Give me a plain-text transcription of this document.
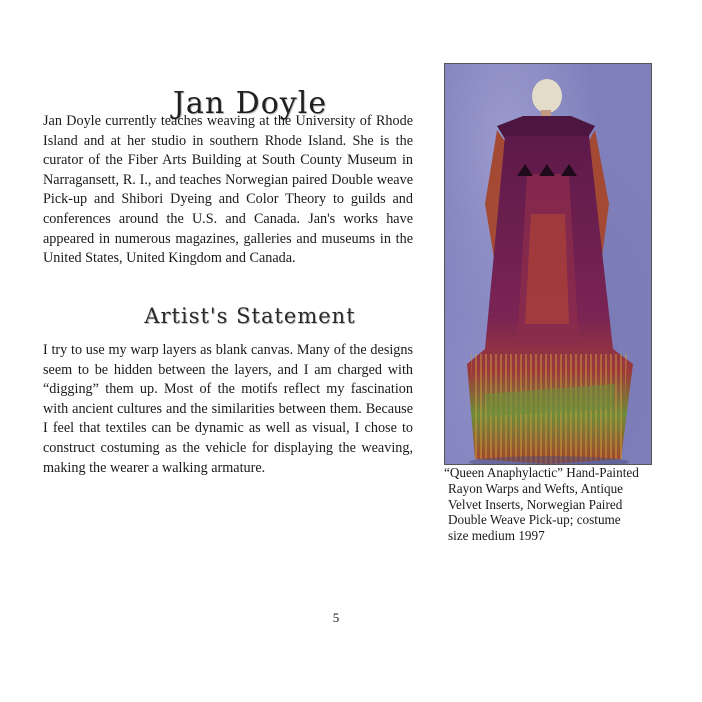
Jan Doyle

Jan Doyle currently teaches weaving at the University of Rhode Island and at her studio in southern Rhode Island. She is the curator of the Fiber Arts Building at South County Museum in Narragansett, R. I., and teaches Norwegian paired Double weave Pick-up and Shibori Dyeing and Color Theory to guilds and conferences around the U.S. and Canada. Jan's works have appeared in numerous magazines, galleries and museums in the United States, United Kingdom and Canada.

Artist's Statement

I try to use my warp layers as blank canvas. Many of the designs seem to be hidden between the layers, and I am charged with “digging” them up. Most of the motifs reflect my fascination with ancient cultures and the similarities between them. Because I feel that textiles can be dynamic as well as visual, I chose to construct costuming as the vehicle for displaying the weaving, making the wearer a walking armature.	“Queen Anaphylactic” Hand-Painted
Rayon Warps and Wefts, Antique
Velvet Inserts, Norwegian Paired
Double Weave Pick-up; costume
size medium 1997

5
